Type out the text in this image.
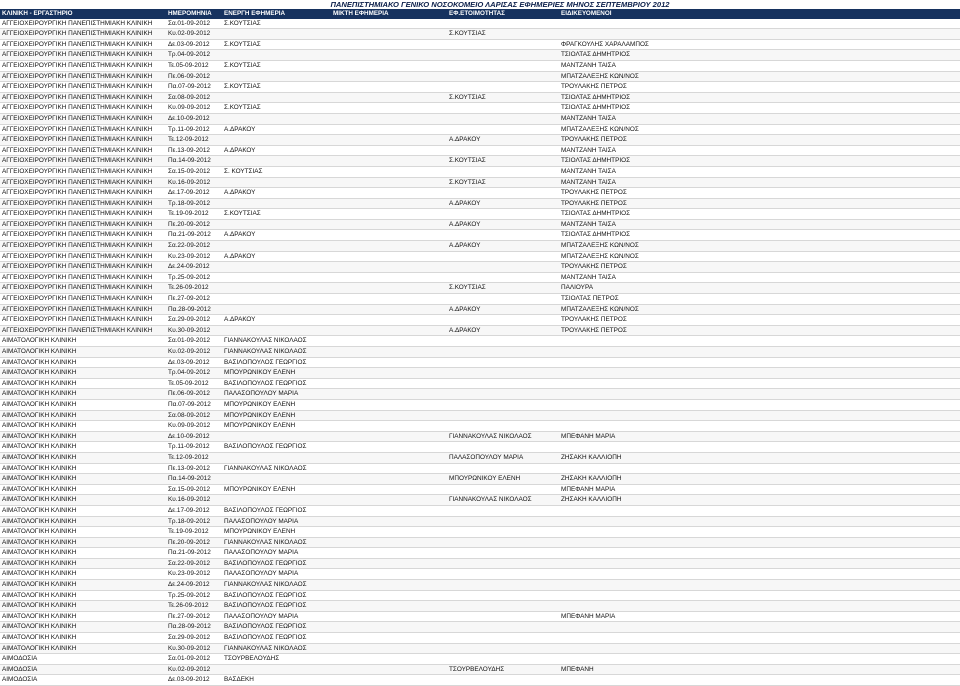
ΠΑΝΕΠΙΣΤΗΜΙΑΚΟ ΓΕΝΙΚΟ ΝΟΣΟΚΟΜΕΙΟ ΛΑΡΙΣΑΣ ΕΦΗΜΕΡΙΕΣ ΜΗΝΟΣ ΣΕΠΤΕΜΒΡΙΟΥ 2012
ΚΛΙΝΙΚΗ - ΕΡΓΑΣΤΗΡΙΟ	ΗΜΕΡΟΜΗΝΙΑ	ΕΝΕΡΓΗ ΕΦΗΜΕΡΙΑ	ΜΙΚΤΗ ΕΦΗΜΕΡΙΑ	ΕΦ.ΕΤΟΙΜΟΤΗΤΑΣ	ΕΙΔΙΚΕΥΟΜΕΝΟΙ
ΑΓΓΕΙΟΧΕΙΡΟΥΡΓΙΚΗ ΠΑΝΕΠΙΣΤΗΜΙΑΚΗ ΚΛΙΝΙΚΗ	Σα.01-09-2012	Σ.ΚΟΥΤΣΙΑΣ			
ΑΓΓΕΙΟΧΕΙΡΟΥΡΓΙΚΗ ΠΑΝΕΠΙΣΤΗΜΙΑΚΗ ΚΛΙΝΙΚΗ	Κυ.02-09-2012			Σ.ΚΟΥΤΣΙΑΣ	
ΑΓΓΕΙΟΧΕΙΡΟΥΡΓΙΚΗ ΠΑΝΕΠΙΣΤΗΜΙΑΚΗ ΚΛΙΝΙΚΗ	Δε.03-09-2012	Σ.ΚΟΥΤΣΙΑΣ			ΦΡΑΓΚΟΥΛΗΣ ΧΑΡΑΛΑΜΠΟΣ
ΑΓΓΕΙΟΧΕΙΡΟΥΡΓΙΚΗ ΠΑΝΕΠΙΣΤΗΜΙΑΚΗ ΚΛΙΝΙΚΗ	Τρ.04-09-2012				ΤΣΙΟΛΤΑΣ ΔΗΜΗΤΡΙΟΣ
ΑΓΓΕΙΟΧΕΙΡΟΥΡΓΙΚΗ ΠΑΝΕΠΙΣΤΗΜΙΑΚΗ ΚΛΙΝΙΚΗ	Τε.05-09-2012	Σ.ΚΟΥΤΣΙΑΣ			ΜΑΝΤΖΑΝΗ ΤΑΙΣΑ
ΑΓΓΕΙΟΧΕΙΡΟΥΡΓΙΚΗ ΠΑΝΕΠΙΣΤΗΜΙΑΚΗ ΚΛΙΝΙΚΗ	Πε.06-09-2012				ΜΠΑΤΖΑΛΕΞΗΣ ΚΩΝ/ΝΟΣ
ΑΓΓΕΙΟΧΕΙΡΟΥΡΓΙΚΗ ΠΑΝΕΠΙΣΤΗΜΙΑΚΗ ΚΛΙΝΙΚΗ	Πα.07-09-2012	Σ.ΚΟΥΤΣΙΑΣ			ΤΡΟΥΛΑΚΗΣ ΠΕΤΡΟΣ
ΑΓΓΕΙΟΧΕΙΡΟΥΡΓΙΚΗ ΠΑΝΕΠΙΣΤΗΜΙΑΚΗ ΚΛΙΝΙΚΗ	Σα.08-09-2012			Σ.ΚΟΥΤΣΙΑΣ	ΤΣΙΟΛΤΑΣ ΔΗΜΗΤΡΙΟΣ
ΑΓΓΕΙΟΧΕΙΡΟΥΡΓΙΚΗ ΠΑΝΕΠΙΣΤΗΜΙΑΚΗ ΚΛΙΝΙΚΗ	Κυ.09-09-2012	Σ.ΚΟΥΤΣΙΑΣ			ΤΣΙΟΛΤΑΣ ΔΗΜΗΤΡΙΟΣ
ΑΓΓΕΙΟΧΕΙΡΟΥΡΓΙΚΗ ΠΑΝΕΠΙΣΤΗΜΙΑΚΗ ΚΛΙΝΙΚΗ	Δε.10-09-2012				ΜΑΝΤΖΑΝΗ ΤΑΙΣΑ
ΑΓΓΕΙΟΧΕΙΡΟΥΡΓΙΚΗ ΠΑΝΕΠΙΣΤΗΜΙΑΚΗ ΚΛΙΝΙΚΗ	Τρ.11-09-2012	Α.ΔΡΑΚΟΥ			ΜΠΑΤΖΑΛΕΞΗΣ ΚΩΝ/ΝΟΣ
ΑΓΓΕΙΟΧΕΙΡΟΥΡΓΙΚΗ ΠΑΝΕΠΙΣΤΗΜΙΑΚΗ ΚΛΙΝΙΚΗ	Τε.12-09-2012			Α.ΔΡΑΚΟΥ	ΤΡΟΥΛΑΚΗΣ ΠΕΤΡΟΣ
ΑΓΓΕΙΟΧΕΙΡΟΥΡΓΙΚΗ ΠΑΝΕΠΙΣΤΗΜΙΑΚΗ ΚΛΙΝΙΚΗ	Πε.13-09-2012	Α.ΔΡΑΚΟΥ			ΜΑΝΤΖΑΝΗ ΤΑΙΣΑ
ΑΓΓΕΙΟΧΕΙΡΟΥΡΓΙΚΗ ΠΑΝΕΠΙΣΤΗΜΙΑΚΗ ΚΛΙΝΙΚΗ	Πα.14-09-2012			Σ.ΚΟΥΤΣΙΑΣ	ΤΣΙΟΛΤΑΣ ΔΗΜΗΤΡΙΟΣ
ΑΓΓΕΙΟΧΕΙΡΟΥΡΓΙΚΗ ΠΑΝΕΠΙΣΤΗΜΙΑΚΗ ΚΛΙΝΙΚΗ	Σα.15-09-2012	Σ. ΚΟΥΤΣΙΑΣ			ΜΑΝΤΖΑΝΗ ΤΑΙΣΑ
ΑΓΓΕΙΟΧΕΙΡΟΥΡΓΙΚΗ ΠΑΝΕΠΙΣΤΗΜΙΑΚΗ ΚΛΙΝΙΚΗ	Κυ.16-09-2012			Σ.ΚΟΥΤΣΙΑΣ	ΜΑΝΤΖΑΝΗ ΤΑΙΣΑ
ΑΓΓΕΙΟΧΕΙΡΟΥΡΓΙΚΗ ΠΑΝΕΠΙΣΤΗΜΙΑΚΗ ΚΛΙΝΙΚΗ	Δε.17-09-2012	Α.ΔΡΑΚΟΥ			ΤΡΟΥΛΑΚΗΣ ΠΕΤΡΟΣ
ΑΓΓΕΙΟΧΕΙΡΟΥΡΓΙΚΗ ΠΑΝΕΠΙΣΤΗΜΙΑΚΗ ΚΛΙΝΙΚΗ	Τρ.18-09-2012			Α.ΔΡΑΚΟΥ	ΤΡΟΥΛΑΚΗΣ ΠΕΤΡΟΣ
ΑΓΓΕΙΟΧΕΙΡΟΥΡΓΙΚΗ ΠΑΝΕΠΙΣΤΗΜΙΑΚΗ ΚΛΙΝΙΚΗ	Τε.19-09-2012	Σ.ΚΟΥΤΣΙΑΣ			ΤΣΙΟΛΤΑΣ ΔΗΜΗΤΡΙΟΣ
ΑΓΓΕΙΟΧΕΙΡΟΥΡΓΙΚΗ ΠΑΝΕΠΙΣΤΗΜΙΑΚΗ ΚΛΙΝΙΚΗ	Πε.20-09-2012			Α.ΔΡΑΚΟΥ	ΜΑΝΤΖΑΝΗ ΤΑΙΣΑ
ΑΓΓΕΙΟΧΕΙΡΟΥΡΓΙΚΗ ΠΑΝΕΠΙΣΤΗΜΙΑΚΗ ΚΛΙΝΙΚΗ	Πα.21-09-2012	Α.ΔΡΑΚΟΥ			ΤΣΙΟΛΤΑΣ ΔΗΜΗΤΡΙΟΣ
ΑΓΓΕΙΟΧΕΙΡΟΥΡΓΙΚΗ ΠΑΝΕΠΙΣΤΗΜΙΑΚΗ ΚΛΙΝΙΚΗ	Σα.22-09-2012			Α.ΔΡΑΚΟΥ	ΜΠΑΤΖΑΛΕΞΗΣ ΚΩΝ/ΝΟΣ
ΑΓΓΕΙΟΧΕΙΡΟΥΡΓΙΚΗ ΠΑΝΕΠΙΣΤΗΜΙΑΚΗ ΚΛΙΝΙΚΗ	Κυ.23-09-2012	Α.ΔΡΑΚΟΥ			ΜΠΑΤΖΑΛΕΞΗΣ ΚΩΝ/ΝΟΣ
ΑΓΓΕΙΟΧΕΙΡΟΥΡΓΙΚΗ ΠΑΝΕΠΙΣΤΗΜΙΑΚΗ ΚΛΙΝΙΚΗ	Δε.24-09-2012				ΤΡΟΥΛΑΚΗΣ ΠΕΤΡΟΣ
ΑΓΓΕΙΟΧΕΙΡΟΥΡΓΙΚΗ ΠΑΝΕΠΙΣΤΗΜΙΑΚΗ ΚΛΙΝΙΚΗ	Τρ.25-09-2012				ΜΑΝΤΖΑΝΗ ΤΑΙΣΑ
ΑΓΓΕΙΟΧΕΙΡΟΥΡΓΙΚΗ ΠΑΝΕΠΙΣΤΗΜΙΑΚΗ ΚΛΙΝΙΚΗ	Τε.26-09-2012			Σ.ΚΟΥΤΣΙΑΣ	ΠΑΛΙΟΥΡΑ
ΑΓΓΕΙΟΧΕΙΡΟΥΡΓΙΚΗ ΠΑΝΕΠΙΣΤΗΜΙΑΚΗ ΚΛΙΝΙΚΗ	Πε.27-09-2012				ΤΣΙΟΛΤΑΣ ΠΕΤΡΟΣ
ΑΓΓΕΙΟΧΕΙΡΟΥΡΓΙΚΗ ΠΑΝΕΠΙΣΤΗΜΙΑΚΗ ΚΛΙΝΙΚΗ	Πα.28-09-2012			Α.ΔΡΑΚΟΥ	ΜΠΑΤΖΑΛΕΞΗΣ ΚΩΝ/ΝΟΣ
ΑΓΓΕΙΟΧΕΙΡΟΥΡΓΙΚΗ ΠΑΝΕΠΙΣΤΗΜΙΑΚΗ ΚΛΙΝΙΚΗ	Σα.29-09-2012	Α.ΔΡΑΚΟΥ			ΤΡΟΥΛΑΚΗΣ ΠΕΤΡΟΣ
ΑΓΓΕΙΟΧΕΙΡΟΥΡΓΙΚΗ ΠΑΝΕΠΙΣΤΗΜΙΑΚΗ ΚΛΙΝΙΚΗ	Κυ.30-09-2012			Α.ΔΡΑΚΟΥ	ΤΡΟΥΛΑΚΗΣ ΠΕΤΡΟΣ
ΑΙΜΑΤΟΛΟΓΙΚΗ ΚΛΙΝΙΚΗ	Σα.01-09-2012	ΓΙΑΝΝΑΚΟΥΛΑΣ ΝΙΚΟΛΑΟΣ			
ΑΙΜΑΤΟΛΟΓΙΚΗ ΚΛΙΝΙΚΗ	Κυ.02-09-2012	ΓΙΑΝΝΑΚΟΥΛΑΣ ΝΙΚΟΛΑΟΣ			
ΑΙΜΑΤΟΛΟΓΙΚΗ ΚΛΙΝΙΚΗ	Δε.03-09-2012	ΒΑΣΙΛΟΠΟΥΛΟΣ ΓΕΩΡΓΙΟΣ			
ΑΙΜΑΤΟΛΟΓΙΚΗ ΚΛΙΝΙΚΗ	Τρ.04-09-2012	ΜΠΟΥΡΩΝΙΚΟΥ ΕΛΕΝΗ			
ΑΙΜΑΤΟΛΟΓΙΚΗ ΚΛΙΝΙΚΗ	Τε.05-09-2012	ΒΑΣΙΛΟΠΟΥΛΟΣ ΓΕΩΡΓΙΟΣ			
ΑΙΜΑΤΟΛΟΓΙΚΗ ΚΛΙΝΙΚΗ	Πε.06-09-2012	ΠΑΛΑΣΟΠΟΥΛΟΥ ΜΑΡΙΑ			
ΑΙΜΑΤΟΛΟΓΙΚΗ ΚΛΙΝΙΚΗ	Πα.07-09-2012	ΜΠΟΥΡΩΝΙΚΟΥ ΕΛΕΝΗ			
ΑΙΜΑΤΟΛΟΓΙΚΗ ΚΛΙΝΙΚΗ	Σα.08-09-2012	ΜΠΟΥΡΩΝΙΚΟΥ ΕΛΕΝΗ			
ΑΙΜΑΤΟΛΟΓΙΚΗ ΚΛΙΝΙΚΗ	Κυ.09-09-2012	ΜΠΟΥΡΩΝΙΚΟΥ ΕΛΕΝΗ			
ΑΙΜΑΤΟΛΟΓΙΚΗ ΚΛΙΝΙΚΗ	Δε.10-09-2012			ΓΙΑΝΝΑΚΟΥΛΑΣ ΝΙΚΟΛΑΟΣ	ΜΠΕΦΑΝΗ ΜΑΡΙΑ
ΑΙΜΑΤΟΛΟΓΙΚΗ ΚΛΙΝΙΚΗ	Τρ.11-09-2012	ΒΑΣΙΛΟΠΟΥΛΟΣ ΓΕΩΡΓΙΟΣ			
ΑΙΜΑΤΟΛΟΓΙΚΗ ΚΛΙΝΙΚΗ	Τε.12-09-2012			ΠΑΛΑΣΟΠΟΥΛΟΥ ΜΑΡΙΑ	ΖΗΣΑΚΗ ΚΑΛΛΙΟΠΗ
ΑΙΜΑΤΟΛΟΓΙΚΗ ΚΛΙΝΙΚΗ	Πε.13-09-2012	ΓΙΑΝΝΑΚΟΥΛΑΣ ΝΙΚΟΛΑΟΣ			
ΑΙΜΑΤΟΛΟΓΙΚΗ ΚΛΙΝΙΚΗ	Πα.14-09-2012			ΜΠΟΥΡΩΝΙΚΟΥ ΕΛΕΝΗ	ΖΗΣΑΚΗ ΚΑΛΛΙΟΠΗ
ΑΙΜΑΤΟΛΟΓΙΚΗ ΚΛΙΝΙΚΗ	Σα.15-09-2012	ΜΠΟΥΡΩΝΙΚΟΥ ΕΛΕΝΗ			ΜΠΕΦΑΝΗ ΜΑΡΙΑ
ΑΙΜΑΤΟΛΟΓΙΚΗ ΚΛΙΝΙΚΗ	Κυ.16-09-2012			ΓΙΑΝΝΑΚΟΥΛΑΣ ΝΙΚΟΛΑΟΣ	ΖΗΣΑΚΗ ΚΑΛΛΙΟΠΗ
ΑΙΜΑΤΟΛΟΓΙΚΗ ΚΛΙΝΙΚΗ	Δε.17-09-2012	ΒΑΣΙΛΟΠΟΥΛΟΣ ΓΕΩΡΓΙΟΣ			
ΑΙΜΑΤΟΛΟΓΙΚΗ ΚΛΙΝΙΚΗ	Τρ.18-09-2012	ΠΑΛΑΣΟΠΟΥΛΟΥ ΜΑΡΙΑ			
ΑΙΜΑΤΟΛΟΓΙΚΗ ΚΛΙΝΙΚΗ	Τε.19-09-2012	ΜΠΟΥΡΩΝΙΚΟΥ ΕΛΕΝΗ			
ΑΙΜΑΤΟΛΟΓΙΚΗ ΚΛΙΝΙΚΗ	Πε.20-09-2012	ΓΙΑΝΝΑΚΟΥΛΑΣ ΝΙΚΟΛΑΟΣ			
ΑΙΜΑΤΟΛΟΓΙΚΗ ΚΛΙΝΙΚΗ	Πα.21-09-2012	ΠΑΛΑΣΟΠΟΥΛΟΥ ΜΑΡΙΑ			
ΑΙΜΑΤΟΛΟΓΙΚΗ ΚΛΙΝΙΚΗ	Σα.22-09-2012	ΒΑΣΙΛΟΠΟΥΛΟΣ ΓΕΩΡΓΙΟΣ			
ΑΙΜΑΤΟΛΟΓΙΚΗ ΚΛΙΝΙΚΗ	Κυ.23-09-2012	ΠΑΛΑΣΟΠΟΥΛΟΥ ΜΑΡΙΑ			
ΑΙΜΑΤΟΛΟΓΙΚΗ ΚΛΙΝΙΚΗ	Δε.24-09-2012	ΓΙΑΝΝΑΚΟΥΛΑΣ ΝΙΚΟΛΑΟΣ			
ΑΙΜΑΤΟΛΟΓΙΚΗ ΚΛΙΝΙΚΗ	Τρ.25-09-2012	ΒΑΣΙΛΟΠΟΥΛΟΣ ΓΕΩΡΓΙΟΣ			
ΑΙΜΑΤΟΛΟΓΙΚΗ ΚΛΙΝΙΚΗ	Τε.26-09-2012	ΒΑΣΙΛΟΠΟΥΛΟΣ ΓΕΩΡΓΙΟΣ			
ΑΙΜΑΤΟΛΟΓΙΚΗ ΚΛΙΝΙΚΗ	Πε.27-09-2012	ΠΑΛΑΣΟΠΟΥΛΟΥ ΜΑΡΙΑ			ΜΠΕΦΑΝΗ ΜΑΡΙΑ
ΑΙΜΑΤΟΛΟΓΙΚΗ ΚΛΙΝΙΚΗ	Πα.28-09-2012	ΒΑΣΙΛΟΠΟΥΛΟΣ ΓΕΩΡΓΙΟΣ			
ΑΙΜΑΤΟΛΟΓΙΚΗ ΚΛΙΝΙΚΗ	Σα.29-09-2012	ΒΑΣΙΛΟΠΟΥΛΟΣ ΓΕΩΡΓΙΟΣ			
ΑΙΜΑΤΟΛΟΓΙΚΗ ΚΛΙΝΙΚΗ	Κυ.30-09-2012	ΓΙΑΝΝΑΚΟΥΛΑΣ ΝΙΚΟΛΑΟΣ			
ΑΙΜΟΔΟΣΙΑ	Σα.01-09-2012	ΤΣΟΥΡΒΕΛΟΥΔΗΣ			
ΑΙΜΟΔΟΣΙΑ	Κυ.02-09-2012			ΤΣΟΥΡΒΕΛΟΥΔΗΣ	ΜΠΕΦΑΝΗ
ΑΙΜΟΔΟΣΙΑ	Δε.03-09-2012	ΒΑΣΔΕΚΗ			
